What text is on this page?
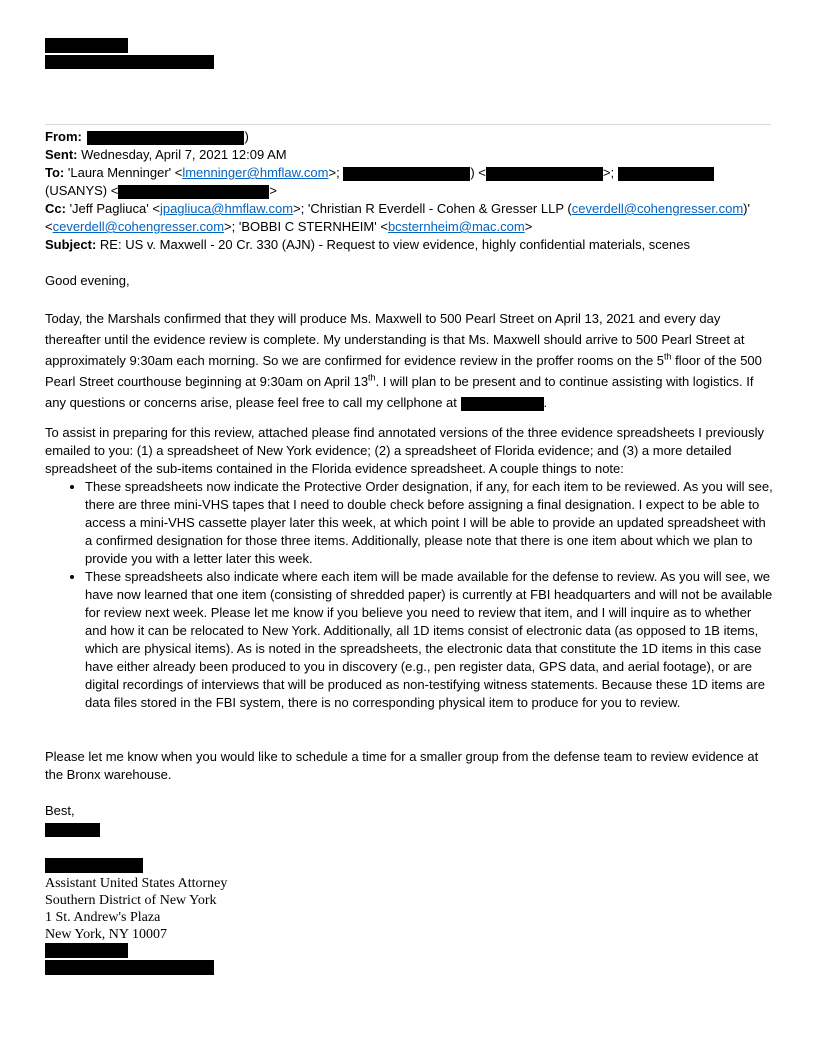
From:	)
Sent: Wednesday, April 7, 2021 12:09 AM
To: 'Laura Menninger' <lmenninger@hmflaw.com>;	) <	>;
(USANYS) <	>
Cc: 'Jeff Pagliuca' <jpagliuca@hmflaw.com>; 'Christian R Everdell - Cohen & Gresser LLP (ceverdell@cohengresser.com)'
<ceverdell@cohengresser.com>; 'BOBBI C STERNHEIM' <bcsternheim@mac.com>
Subject: RE: US v. Maxwell - 20 Cr. 330 (AJN) - Request to view evidence, highly confidential materials, scenes
Good evening,
Today, the Marshals confirmed that they will produce Ms. Maxwell to 500 Pearl Street on April 13, 2021 and every day thereafter until the evidence review is complete. My understanding is that Ms. Maxwell should arrive to 500 Pearl Street at approximately 9:30am each morning. So we are confirmed for evidence review in the proffer rooms on the 5th floor of the 500 Pearl Street courthouse beginning at 9:30am on April 13th. I will plan to be present and to continue assisting with logistics. If any questions or concerns arise, please feel free to call my cellphone at	.
To assist in preparing for this review, attached please find annotated versions of the three evidence spreadsheets I previously emailed to you: (1) a spreadsheet of New York evidence; (2) a spreadsheet of Florida evidence; and (3) a more detailed spreadsheet of the sub-items contained in the Florida evidence spreadsheet. A couple things to note:
• These spreadsheets now indicate the Protective Order designation, if any, for each item to be reviewed. As you will see, there are three mini-VHS tapes that I need to double check before assigning a final designation. I expect to be able to access a mini-VHS cassette player later this week, at which point I will be able to provide an updated spreadsheet with a confirmed designation for those three items. Additionally, please note that there is one item about which we plan to provide you with a letter later this week.
• These spreadsheets also indicate where each item will be made available for the defense to review. As you will see, we have now learned that one item (consisting of shredded paper) is currently at FBI headquarters and will not be available for review next week. Please let me know if you believe you need to review that item, and I will inquire as to whether and how it can be relocated to New York. Additionally, all 1D items consist of electronic data (as opposed to 1B items, which are physical items). As is noted in the spreadsheets, the electronic data that constitute the 1D items in this case have either already been produced to you in discovery (e.g., pen register data, GPS data, and aerial footage), or are digital recordings of interviews that will be produced as non-testifying witness statements. Because these 1D items are data files stored in the FBI system, there is no corresponding physical item to produce for you to review.
Please let me know when you would like to schedule a time for a smaller group from the defense team to review evidence at the Bronx warehouse.
Best,
Assistant United States Attorney
Southern District of New York
1 St. Andrew's Plaza
New York, NY 10007
